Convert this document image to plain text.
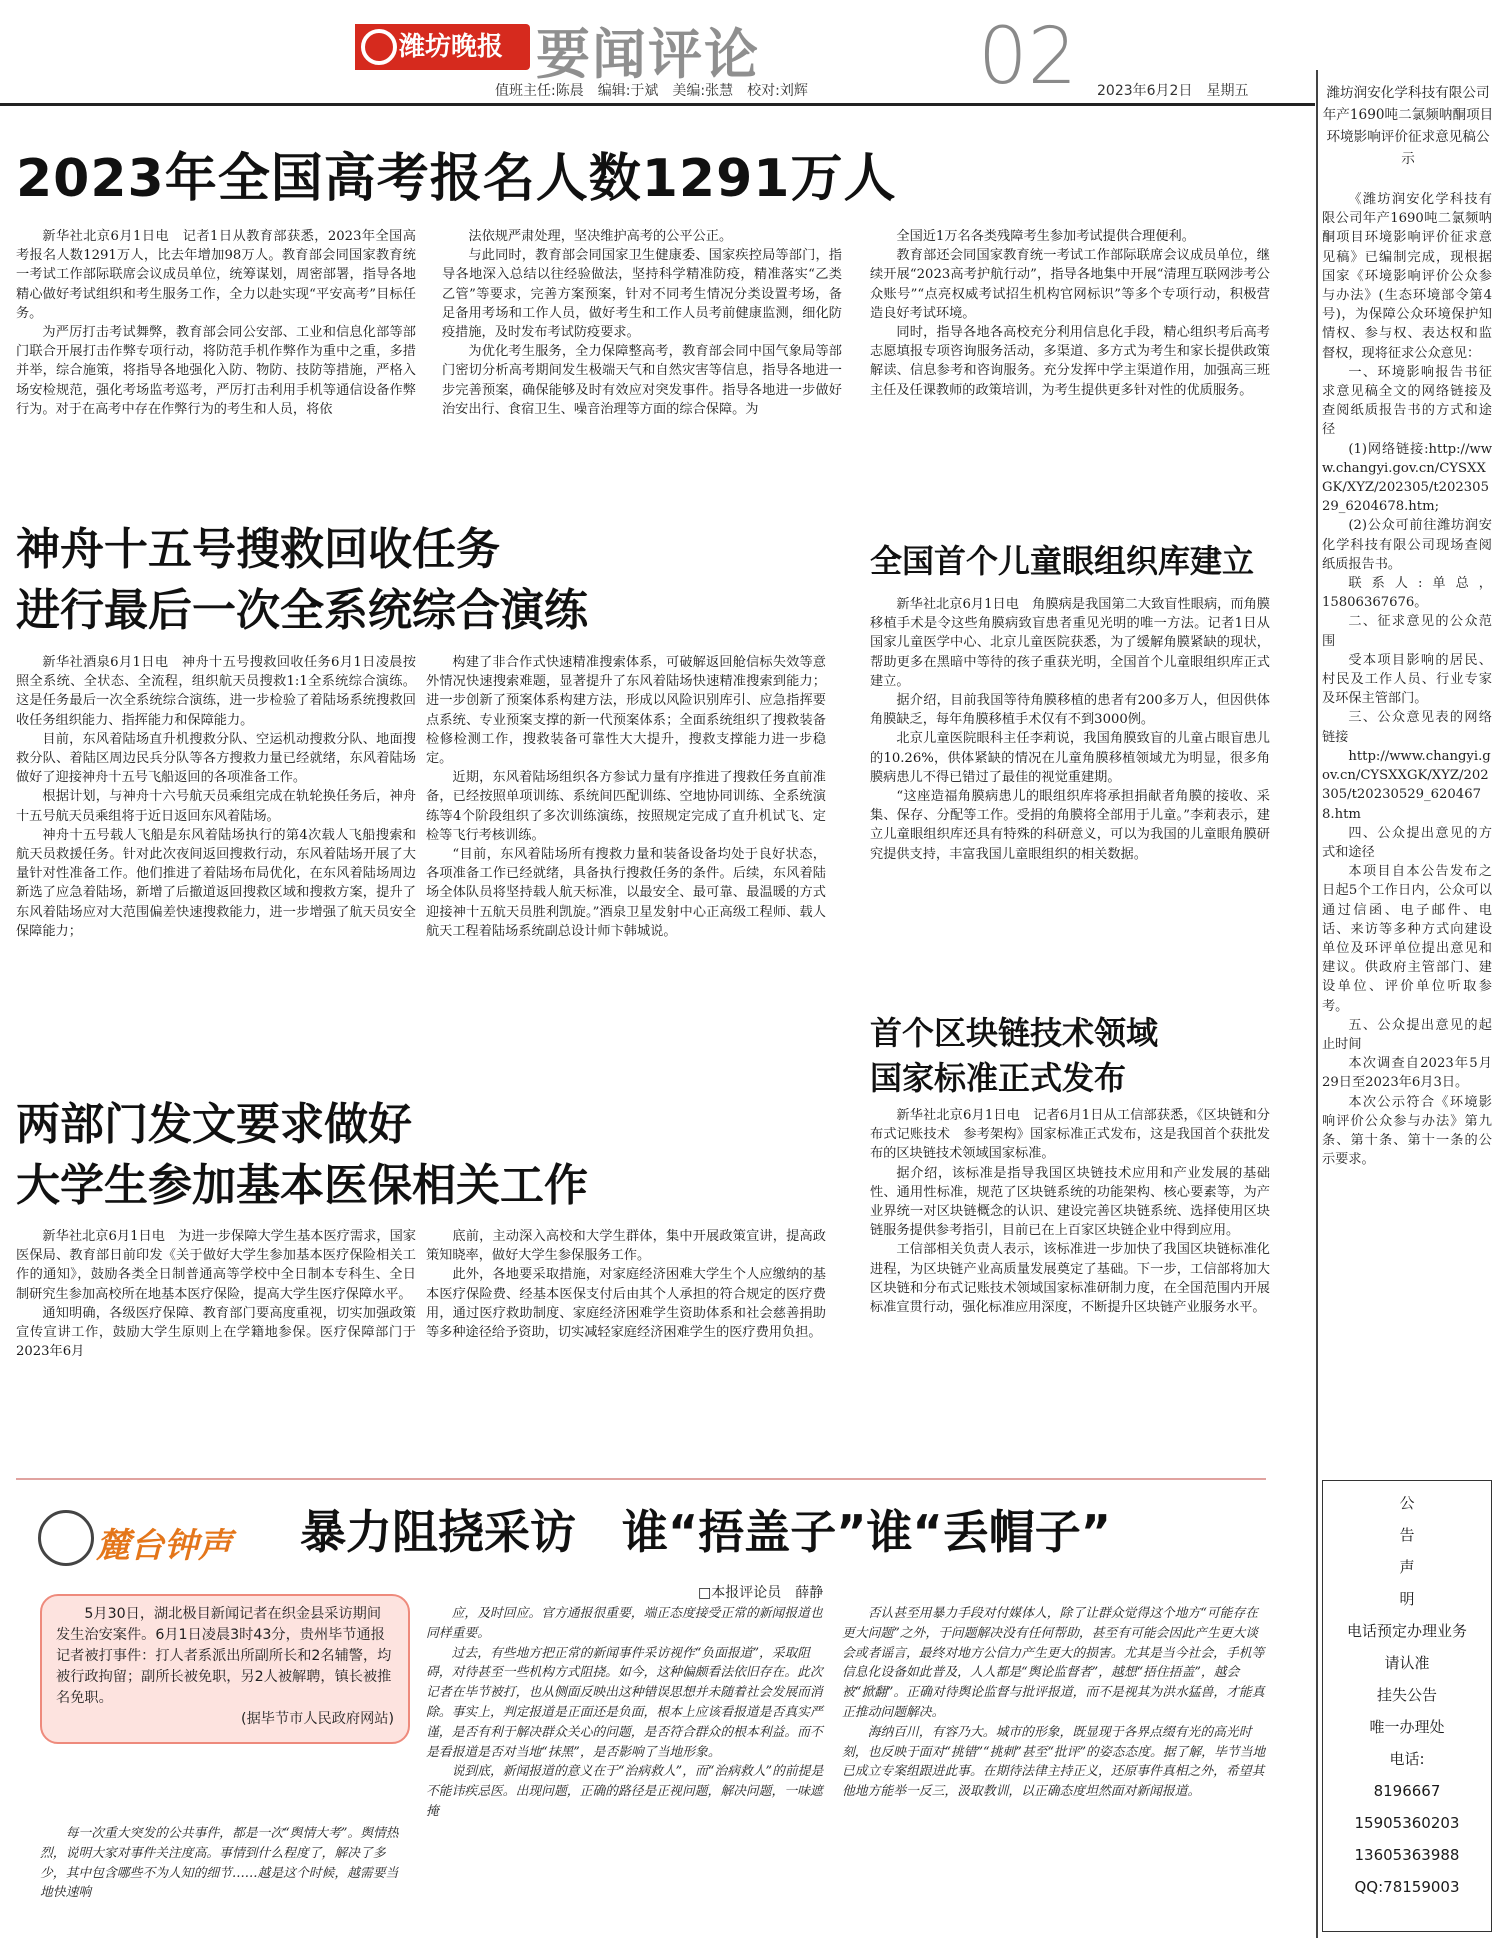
潍坊晚报 要闻评论	02
值班主任:陈晨　编辑:于斌　美编:张慧　校对:刘辉	2023年6月2日　星期五
2023年全国高考报名人数1291万人

新华社北京6月1日电　记者1日从教育部获悉，2023年全国高考报名人数1291万人，比去年增加98万人。教育部会同国家教育统一考试工作部际联席会议成员单位，统筹谋划，周密部署，指导各地精心做好考试组织和考生服务工作，全力以赴实现“平安高考”目标任务。

为严厉打击考试舞弊，教育部会同公安部、工业和信息化部等部门联合开展打击作弊专项行动，将防范手机作弊作为重中之重，多措并举，综合施策，将指导各地强化入防、物防、技防等措施，严格入场安检规范，强化考场监考巡考，严厉打击利用手机等通信设备作弊行为。对于在高考中存在作弊行为的考生和人员，将依

法依规严肃处理，坚决维护高考的公平公正。

与此同时，教育部会同国家卫生健康委、国家疾控局等部门，指导各地深入总结以往经验做法，坚持科学精准防疫，精准落实“乙类乙管”等要求，完善方案预案，针对不同考生情况分类设置考场，备足备用考场和工作人员，做好考生和工作人员考前健康监测，细化防疫措施，及时发布考试防疫要求。

为优化考生服务，全力保障整高考，教育部会同中国气象局等部门密切分析高考期间发生极端天气和自然灾害等信息，指导各地进一步完善预案，确保能够及时有效应对突发事件。指导各地进一步做好治安出行、食宿卫生、噪音治理等方面的综合保障。为

全国近1万名各类残障考生参加考试提供合理便利。

教育部还会同国家教育统一考试工作部际联席会议成员单位，继续开展“2023高考护航行动”，指导各地集中开展“清理互联网涉考公众账号”“点亮权威考试招生机构官网标识”等多个专项行动，积极营造良好考试环境。

同时，指导各地各高校充分利用信息化手段，精心组织考后高考志愿填报专项咨询服务活动，多渠道、多方式为考生和家长提供政策解读、信息参考和咨询服务。充分发挥中学主渠道作用，加强高三班主任及任课教师的政策培训，为考生提供更多针对性的优质服务。

神舟十五号搜救回收任务
进行最后一次全系统综合演练

新华社酒泉6月1日电　神舟十五号搜救回收任务6月1日凌晨按照全系统、全状态、全流程，组织航天员搜救1:1全系统综合演练。这是任务最后一次全系统综合演练，进一步检验了着陆场系统搜救回收任务组织能力、指挥能力和保障能力。

目前，东风着陆场直升机搜救分队、空运机动搜救分队、地面搜救分队、着陆区周边民兵分队等各方搜救力量已经就绪，东风着陆场做好了迎接神舟十五号飞船返回的各项准备工作。

根据计划，与神舟十六号航天员乘组完成在轨轮换任务后，神舟十五号航天员乘组将于近日返回东风着陆场。

神舟十五号载人飞船是东风着陆场执行的第4次载人飞船搜索和航天员救援任务。针对此次夜间返回搜救行动，东风着陆场开展了大量针对性准备工作。他们推进了着陆场布局优化，在东风着陆场周边新选了应急着陆场，新增了后撤道返回搜救区域和搜救方案，提升了东风着陆场应对大范围偏差快速搜救能力，进一步增强了航天员安全保障能力；

构建了非合作式快速精准搜索体系，可破解返回舱信标失效等意外情况快速搜索难题，显著提升了东风着陆场快速精准搜索到能力；进一步创新了预案体系构建方法，形成以风险识别库引、应急指挥要点系统、专业预案支撑的新一代预案体系；全面系统组织了搜救装备检修检测工作，搜救装备可靠性大大提升，搜救支撑能力进一步稳定。

近期，东风着陆场组织各方参试力量有序推进了搜救任务直前准备，已经按照单项训练、系统间匹配训练、空地协同训练、全系统演练等4个阶段组织了多次训练演练，按照规定完成了直升机试飞、定检等飞行考核训练。

“目前，东风着陆场所有搜救力量和装备设备均处于良好状态，各项准备工作已经就绪，具备执行搜救任务的条件。后续，东风着陆场全体队员将坚持载人航天标准，以最安全、最可靠、最温暖的方式迎接神十五航天员胜利凯旋。”酒泉卫星发射中心正高级工程师、载人航天工程着陆场系统副总设计师卞韩城说。

两部门发文要求做好
大学生参加基本医保相关工作

新华社北京6月1日电　为进一步保障大学生基本医疗需求，国家医保局、教育部日前印发《关于做好大学生参加基本医疗保险相关工作的通知》，鼓励各类全日制普通高等学校中全日制本专科生、全日制研究生参加高校所在地基本医疗保险，提高大学生医疗保障水平。

通知明确，各级医疗保障、教育部门要高度重视，切实加强政策宣传宣讲工作，鼓励大学生原则上在学籍地参保。医疗保障部门于2023年6月

底前，主动深入高校和大学生群体，集中开展政策宣讲，提高政策知晓率，做好大学生参保服务工作。

此外，各地要采取措施，对家庭经济困难大学生个人应缴纳的基本医疗保险费、经基本医保支付后由其个人承担的符合规定的医疗费用，通过医疗救助制度、家庭经济困难学生资助体系和社会慈善捐助等多种途径给予资助，切实减轻家庭经济困难学生的医疗费用负担。

全国首个儿童眼组织库建立

新华社北京6月1日电　角膜病是我国第二大致盲性眼病，而角膜移植手术是令这些角膜病致盲患者重见光明的唯一方法。记者1日从国家儿童医学中心、北京儿童医院获悉，为了缓解角膜紧缺的现状，帮助更多在黑暗中等待的孩子重获光明，全国首个儿童眼组织库正式建立。

据介绍，目前我国等待角膜移植的患者有200多万人，但因供体角膜缺乏，每年角膜移植手术仅有不到3000例。

北京儿童医院眼科主任李莉说，我国角膜致盲的儿童占眼盲患儿的10.26%，供体紧缺的情况在儿童角膜移植领域尤为明显，很多角膜病患儿不得已错过了最佳的视觉重建期。

“这座造福角膜病患儿的眼组织库将承担捐献者角膜的接收、采集、保存、分配等工作。受捐的角膜将全部用于儿童。”李莉表示，建立儿童眼组织库还具有特殊的科研意义，可以为我国的儿童眼角膜研究提供支持，丰富我国儿童眼组织的相关数据。

首个区块链技术领域
国家标准正式发布

新华社北京6月1日电　记者6月1日从工信部获悉，《区块链和分布式记账技术　参考架构》国家标准正式发布，这是我国首个获批发布的区块链技术领域国家标准。

据介绍，该标准是指导我国区块链技术应用和产业发展的基础性、通用性标准，规范了区块链系统的功能架构、核心要素等，为产业界统一对区块链概念的认识、建设完善区块链系统、选择使用区块链服务提供参考指引，目前已在上百家区块链企业中得到应用。

工信部相关负责人表示，该标准进一步加快了我国区块链标准化进程，为区块链产业高质量发展奠定了基础。下一步，工信部将加大区块链和分布式记账技术领域国家标准研制力度，在全国范围内开展标准宣贯行动，强化标准应用深度，不断提升区块链产业服务水平。

潍坊润安化学科技有限公司年产1690吨二氯频呐酮项目环境影响评价征求意见稿公示

《潍坊润安化学科技有限公司年产1690吨二氯频呐酮项目环境影响评价征求意见稿》已编制完成，现根据国家《环境影响评价公众参与办法》(生态环境部令第4号)，为保障公众环境保护知情权、参与权、表达权和监督权，现将征求公众意见：

一、环境影响报告书征求意见稿全文的网络链接及查阅纸质报告书的方式和途径

(1)网络链接:http://www.changyi.gov.cn/CYSXXGK/XYZ/202305/t20230529_6204678.htm;

(2)公众可前往潍坊润安化学科技有限公司现场查阅纸质报告书。

联系人:单总，15806367676。

二、征求意见的公众范围

受本项目影响的居民、村民及工作人员、行业专家及环保主管部门。

三、公众意见表的网络链接

http://www.changyi.gov.cn/CYSXXGK/XYZ/202305/t20230529_6204678.htm

四、公众提出意见的方式和途径

本项目自本公告发布之日起5个工作日内，公众可以通过信函、电子邮件、电话、来访等多种方式向建设单位及环评单位提出意见和建议。供政府主管部门、建设单位、评价单位听取参考。

五、公众提出意见的起止时间

本次调查自2023年5月29日至2023年6月3日。

本次公示符合《环境影响评价公众参与办法》第九条、第十条、第十一条的公示要求。

公
告
声
明
电话预定办理业务
请认准
挂失公告
唯一办理处
电话:
8196667
15905360203
13605363988
QQ:78159003
麓台钟声 暴力阻挠采访　谁“捂盖子”谁“丢帽子”
□本报评论员　薛静

5月30日，湖北极目新闻记者在织金县采访期间发生治安案件。6月1日凌晨3时43分，贵州毕节通报记者被打事件：打人者系派出所副所长和2名辅警，均被行政拘留；副所长被免职，另2人被解聘，镇长被推名免职。

(据毕节市人民政府网站)

每一次重大突发的公共事件，都是一次“舆情大考”。舆情热烈，说明大家对事件关注度高。事情到什么程度了，解决了多少，其中包含哪些不为人知的细节……越是这个时候，越需要当地快速响

应，及时回应。官方通报很重要，端正态度接受正常的新闻报道也同样重要。

过去，有些地方把正常的新闻事件采访视作“负面报道”，采取阻碍，对待甚至一些机构方式阻挠。如今，这种偏颇看法依旧存在。此次记者在毕节被打，也从侧面反映出这种错误思想并未随着社会发展而消除。事实上，判定报道是正面还是负面，根本上应该看报道是否真实严谨，是否有利于解决群众关心的问题，是否符合群众的根本利益。而不是看报道是否对当地“抹黑”，是否影响了当地形象。

说到底，新闻报道的意义在于“治病救人”，而“治病救人”的前提是不能讳疾忌医。出现问题，正确的路径是正视问题，解决问题，一味遮掩

否认甚至用暴力手段对付媒体人，除了让群众觉得这个地方“可能存在更大问题”之外，于问题解决没有任何帮助，甚至有可能会因此产生更大谈会或者谣言，最终对地方公信力产生更大的损害。尤其是当今社会，手机等信息化设备如此普及，人人都是“舆论监督者”，越想“捂住捂盖”，越会被“掀翻”。正确对待舆论监督与批评报道，而不是视其为洪水猛兽，才能真正推动问题解决。

海纳百川，有容乃大。城市的形象，既显现于各界点缀有光的高光时刻，也反映于面对“挑错”“挑刺”甚至“批评”的姿态态度。据了解，毕节当地已成立专案组跟进此事。在期待法律主持正义，还原事件真相之外，希望其他地方能举一反三，汲取教训，以正确态度坦然面对新闻报道。
